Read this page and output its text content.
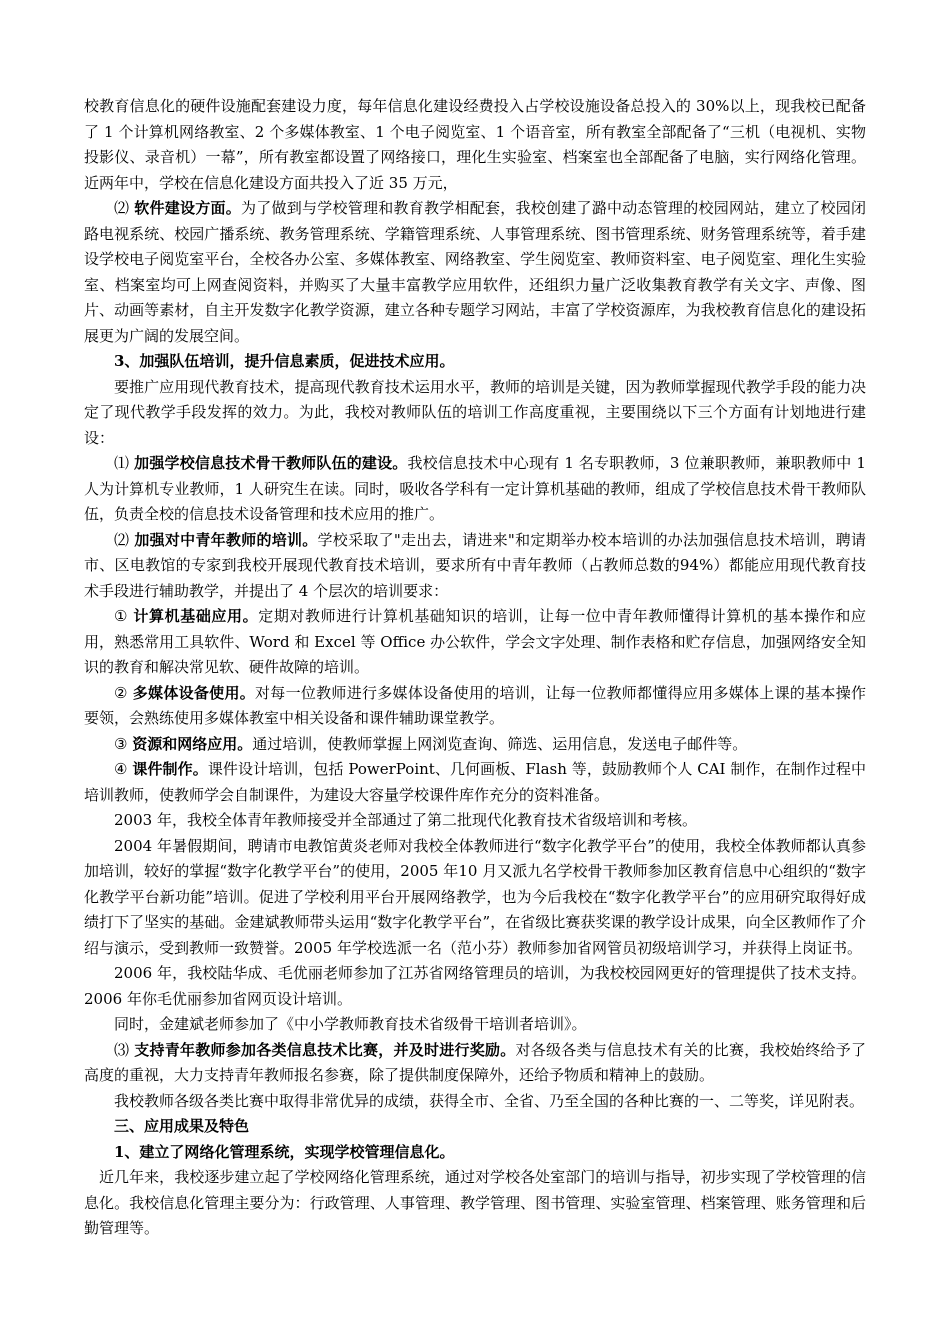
校教育信息化的硬件设施配套建设力度，每年信息化建设经费投入占学校设施设备总投入的 30%以上，现我校已配备了 1 个计算机网络教室、2 个多媒体教室、1 个电子阅览室、1 个语音室，所有教室全部配备了“三机（电视机、实物投影仪、录音机）一幕”，所有教室都设置了网络接口，理化生实验室、档案室也全部配备了电脑，实行网络化管理。近两年中，学校在信息化建设方面共投入了近 35 万元，

⑵ 软件建设方面。为了做到与学校管理和教育教学相配套，我校创建了潞中动态管理的校园网站，建立了校园闭路电视系统、校园广播系统、教务管理系统、学籍管理系统、人事管理系统、图书管理系统、财务管理系统等，着手建设学校电子阅览室平台，全校各办公室、多媒体教室、网络教室、学生阅览室、教师资料室、电子阅览室、理化生实验室、档案室均可上网查阅资料，并购买了大量丰富教学应用软件，还组织力量广泛收集教育教学有关文字、声像、图片、动画等素材，自主开发数字化教学资源，建立各种专题学习网站，丰富了学校资源库，为我校教育信息化的建设拓展更为广阔的发展空间。

3、加强队伍培训，提升信息素质，促进技术应用。

要推广应用现代教育技术，提高现代教育技术运用水平，教师的培训是关键，因为教师掌握现代教学手段的能力决定了现代教学手段发挥的效力。为此，我校对教师队伍的培训工作高度重视，主要围绕以下三个方面有计划地进行建设：

⑴ 加强学校信息技术骨干教师队伍的建设。我校信息技术中心现有 1 名专职教师，3 位兼职教师，兼职教师中 1 人为计算机专业教师，1 人研究生在读。同时，吸收各学科有一定计算机基础的教师，组成了学校信息技术骨干教师队伍，负责全校的信息技术设备管理和技术应用的推广。

⑵ 加强对中青年教师的培训。学校采取了"走出去，请进来"和定期举办校本培训的办法加强信息技术培训，聘请市、区电教馆的专家到我校开展现代教育技术培训，要求所有中青年教师（占教师总数的94%）都能应用现代教育技术手段进行辅助教学，并提出了 4 个层次的培训要求：

① 计算机基础应用。定期对教师进行计算机基础知识的培训，让每一位中青年教师懂得计算机的基本操作和应用，熟悉常用工具软件、Word 和 Excel 等 Office 办公软件，学会文字处理、制作表格和贮存信息，加强网络安全知识的教育和解决常见软、硬件故障的培训。

② 多媒体设备使用。对每一位教师进行多媒体设备使用的培训，让每一位教师都懂得应用多媒体上课的基本操作要领，会熟练使用多媒体教室中相关设备和课件辅助课堂教学。

③ 资源和网络应用。通过培训，使教师掌握上网浏览查询、筛选、运用信息，发送电子邮件等。

④ 课件制作。课件设计培训，包括 PowerPoint、几何画板、Flash 等，鼓励教师个人 CAI 制作，在制作过程中培训教师，使教师学会自制课件，为建设大容量学校课件库作充分的资料准备。

2003 年，我校全体青年教师接受并全部通过了第二批现代化教育技术省级培训和考核。

2004 年暑假期间，聘请市电教馆黄炎老师对我校全体教师进行“数字化教学平台”的使用，我校全体教师都认真参加培训，较好的掌握“数字化教学平台”的使用，2005 年10 月又派九名学校骨干教师参加区教育信息中心组织的“数字化教学平台新功能”培训。促进了学校利用平台开展网络教学，也为今后我校在“数字化教学平台”的应用研究取得好成绩打下了坚实的基础。金建斌教师带头运用“数字化教学平台”，在省级比赛获奖课的教学设计成果，向全区教师作了介绍与演示，受到教师一致赞誉。2005 年学校选派一名（范小芬）教师参加省网管员初级培训学习，并获得上岗证书。

2006 年，我校陆华成、毛优丽老师参加了江苏省网络管理员的培训，为我校校园网更好的管理提供了技术支持。2006 年你毛优丽参加省网页设计培训。

同时，金建斌老师参加了《中小学教师教育技术省级骨干培训者培训》。

⑶ 支持青年教师参加各类信息技术比赛，并及时进行奖励。对各级各类与信息技术有关的比赛，我校始终给予了高度的重视，大力支持青年教师报名参赛，除了提供制度保障外，还给予物质和精神上的鼓励。

我校教师各级各类比赛中取得非常优异的成绩，获得全市、全省、乃至全国的各种比赛的一、二等奖，详见附表。

三、应用成果及特色

1、建立了网络化管理系统，实现学校管理信息化。

近几年来，我校逐步建立起了学校网络化管理系统，通过对学校各处室部门的培训与指导，初步实现了学校管理的信息化。我校信息化管理主要分为：行政管理、人事管理、教学管理、图书管理、实验室管理、档案管理、账务管理和后勤管理等。
